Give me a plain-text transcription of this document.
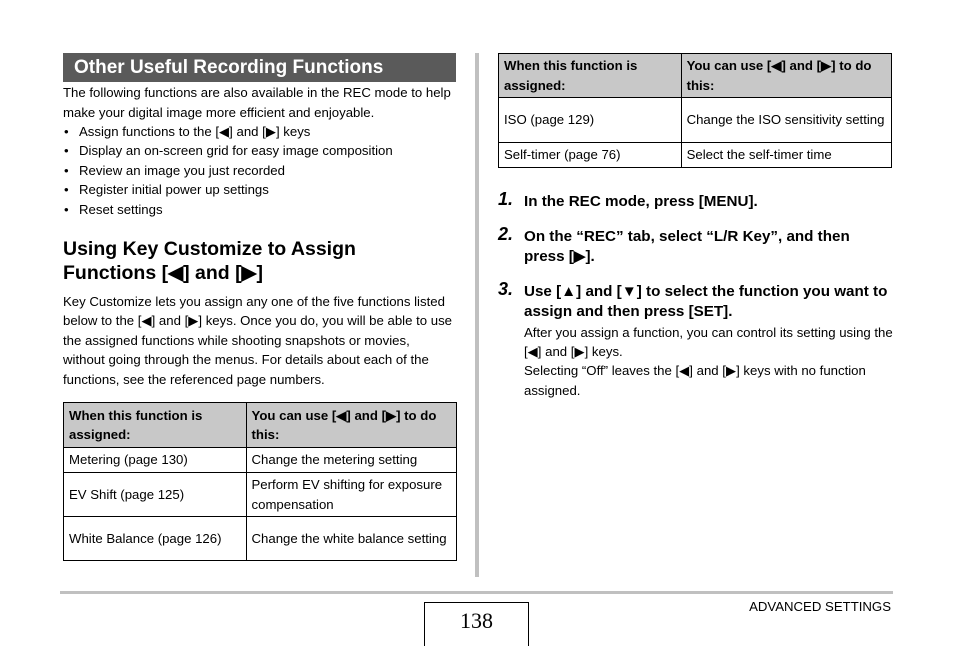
Other Useful Recording Functions
The following functions are also available in the REC mode to help make your digital image more efficient and enjoyable.
• Assign functions to the [◀] and [▶] keys
• Display an on-screen grid for easy image composition
• Review an image you just recorded
• Register initial power up settings
• Reset settings
Using Key Customize to Assign
Functions [◀] and [▶]
Key Customize lets you assign any one of the five functions listed below to the [◀] and [▶] keys. Once you do, you will be able to use the assigned functions while shooting snapshots or movies, without going through the menus. For details about each of the functions, see the referenced page numbers.
When this function is assigned:	You can use [◀] and [▶] to do this:
Metering (page 130)	Change the metering setting
EV Shift (page 125)	Perform EV shifting for exposure compensation
White Balance (page 126)	Change the white balance setting
When this function is assigned:	You can use [◀] and [▶] to do this:
ISO (page 129)	Change the ISO sensitivity setting
Self-timer (page 76)	Select the self-timer time
1. In the REC mode, press [MENU].
2. On the “REC” tab, select “L/R Key”, and then press [▶].
3. Use [▲] and [▼] to select the function you want to assign and then press [SET].
After you assign a function, you can control its setting using the [◀] and [▶] keys.
Selecting “Off” leaves the [◀] and [▶] keys with no function assigned.
138
ADVANCED SETTINGS
